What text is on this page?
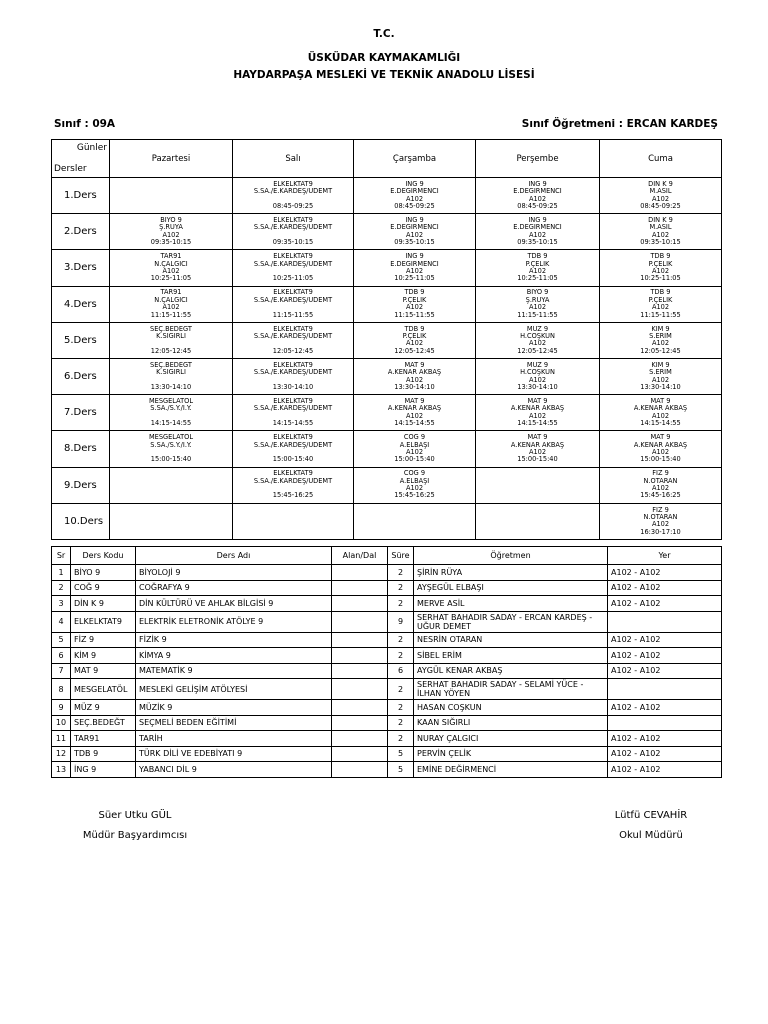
T.C.
ÜSKÜDAR KAYMAKAMLIĞI
HAYDARPAŞA MESLEKİ VE TEKNİK ANADOLU LİSESİ
Sınıf : 09A	Sınıf Öğretmeni : ERCAN KARDEŞ
Günler
Dersler	Pazartesi	Salı	Çarşamba	Perşembe	Cuma
1.Ders		ELKELKTAT9
S.SA./E.KARDEŞ/UDEMT
08:45-09:25	ING 9
E.DEĞİRMENCİ
A102
08:45-09:25	ING 9
E.DEĞİRMENCİ
A102
08:45-09:25	DİN K 9
M.ASİL
A102
08:45-09:25

2.Ders	BİYO 9
Ş.RÜYA
A102
09:35-10:15	ELKELKTAT9
S.SA./E.KARDEŞ/UDEMT
09:35-10:15	ING 9
E.DEĞİRMENCİ
A102
09:35-10:15	ING 9
E.DEĞİRMENCİ
A102
09:35-10:15	DİN K 9
M.ASİL
A102
09:35-10:15

3.Ders	TAR91
N.ÇALGICI
A102
10:25-11:05	ELKELKTAT9
S.SA./E.KARDEŞ/UDEMT
10:25-11:05	ING 9
E.DEĞİRMENCİ
A102
10:25-11:05	TDB 9
P.ÇELİK
A102
10:25-11:05	TDB 9
P.ÇELİK
A102
10:25-11:05

4.Ders	TAR91
N.ÇALGICI
A102
11:15-11:55	ELKELKTAT9
S.SA./E.KARDEŞ/UDEMT
11:15-11:55	TDB 9
P.ÇELİK
A102
11:15-11:55	BİYO 9
Ş.RÜYA
A102
11:15-11:55	TDB 9
P.ÇELİK
A102
11:15-11:55

5.Ders	SEÇ.BEDEĞT
K.SIĞIRLI
12:05-12:45	ELKELKTAT9
S.SA./E.KARDEŞ/UDEMT
12:05-12:45	TDB 9
P.ÇELİK
A102
12:05-12:45	MÜZ 9
H.COŞKUN
A102
12:05-12:45	KİM 9
S.ERİM
A102
12:05-12:45

6.Ders	SEÇ.BEDEĞT
K.SIĞIRLI
13:30-14:10	ELKELKTAT9
S.SA./E.KARDEŞ/UDEMT
13:30-14:10	MAT 9
A.KENAR AKBAŞ
A102
13:30-14:10	MÜZ 9
H.COŞKUN
A102
13:30-14:10	KİM 9
S.ERİM
A102
13:30-14:10

7.Ders	MESGELATÖL
S.SA./S.Y./İ.Y.
14:15-14:55	ELKELKTAT9
S.SA./E.KARDEŞ/UDEMT
14:15-14:55	MAT 9
A.KENAR AKBAŞ
A102
14:15-14:55	MAT 9
A.KENAR AKBAŞ
A102
14:15-14:55	MAT 9
A.KENAR AKBAŞ
A102
14:15-14:55

8.Ders	MESGELATÖL
S.SA./S.Y./İ.Y.
15:00-15:40	ELKELKTAT9
S.SA./E.KARDEŞ/UDEMT
15:00-15:40	COĞ 9
A.ELBAŞI
A102
15:00-15:40	MAT 9
A.KENAR AKBAŞ
A102
15:00-15:40	MAT 9
A.KENAR AKBAŞ
A102
15:00-15:40

9.Ders		ELKELKTAT9
S.SA./E.KARDEŞ/UDEMT
15:45-16:25	COĞ 9
A.ELBAŞI
A102
15:45-16:25		FİZ 9
N.OTARAN
A102
15:45-16:25

10.Ders					FİZ 9
N.OTARAN
A102
16:30-17:10
Sr	Ders Kodu	Ders Adı	Alan/Dal	Süre	Öğretmen	Yer
1	BİYO 9	BİYOLOJİ 9		2	ŞİRİN RÜYA	A102 - A102
2	COĞ 9	COĞRAFYA 9		2	AYŞEGÜL ELBAŞI	A102 - A102
3	DİN K 9	DİN KÜLTÜRÜ VE AHLAK BİLGİSİ 9		2	MERVE ASİL	A102 - A102
4	ELKELKTAT9	ELEKTRİK ELETRONİK ATÖLYE 9		9	SERHAT BAHADIR SADAY - ERCAN KARDEŞ - UĞUR DEMET	
5	FİZ 9	FİZİK 9		2	NESRİN OTARAN	A102 - A102
6	KİM 9	KİMYA 9		2	SİBEL ERİM	A102 - A102
7	MAT 9	MATEMATİK 9		6	AYGÜL KENAR AKBAŞ	A102 - A102
8	MESGELATÖL	MESLEKİ GELİŞİM ATÖLYESİ		2	SERHAT BAHADIR SADAY - SELAMİ YÜCE - İLHAN YÖYEN	
9	MÜZ 9	MÜZİK 9		2	HASAN COŞKUN	A102 - A102
10	SEÇ.BEDEĞT	SEÇMELİ BEDEN EĞİTİMİ		2	KAAN SIĞIRLI	
11	TAR91	TARİH		2	NURAY ÇALGICI	A102 - A102
12	TDB 9	TÜRK DİLİ VE EDEBİYATI 9		5	PERVİN ÇELİK	A102 - A102
13	İNG 9	YABANCI DİL 9		5	EMİNE DEĞİRMENCİ	A102 - A102
Süer Utku GÜL
Müdür Başyardımcısı
Lütfü CEVAHİR
Okul Müdürü
